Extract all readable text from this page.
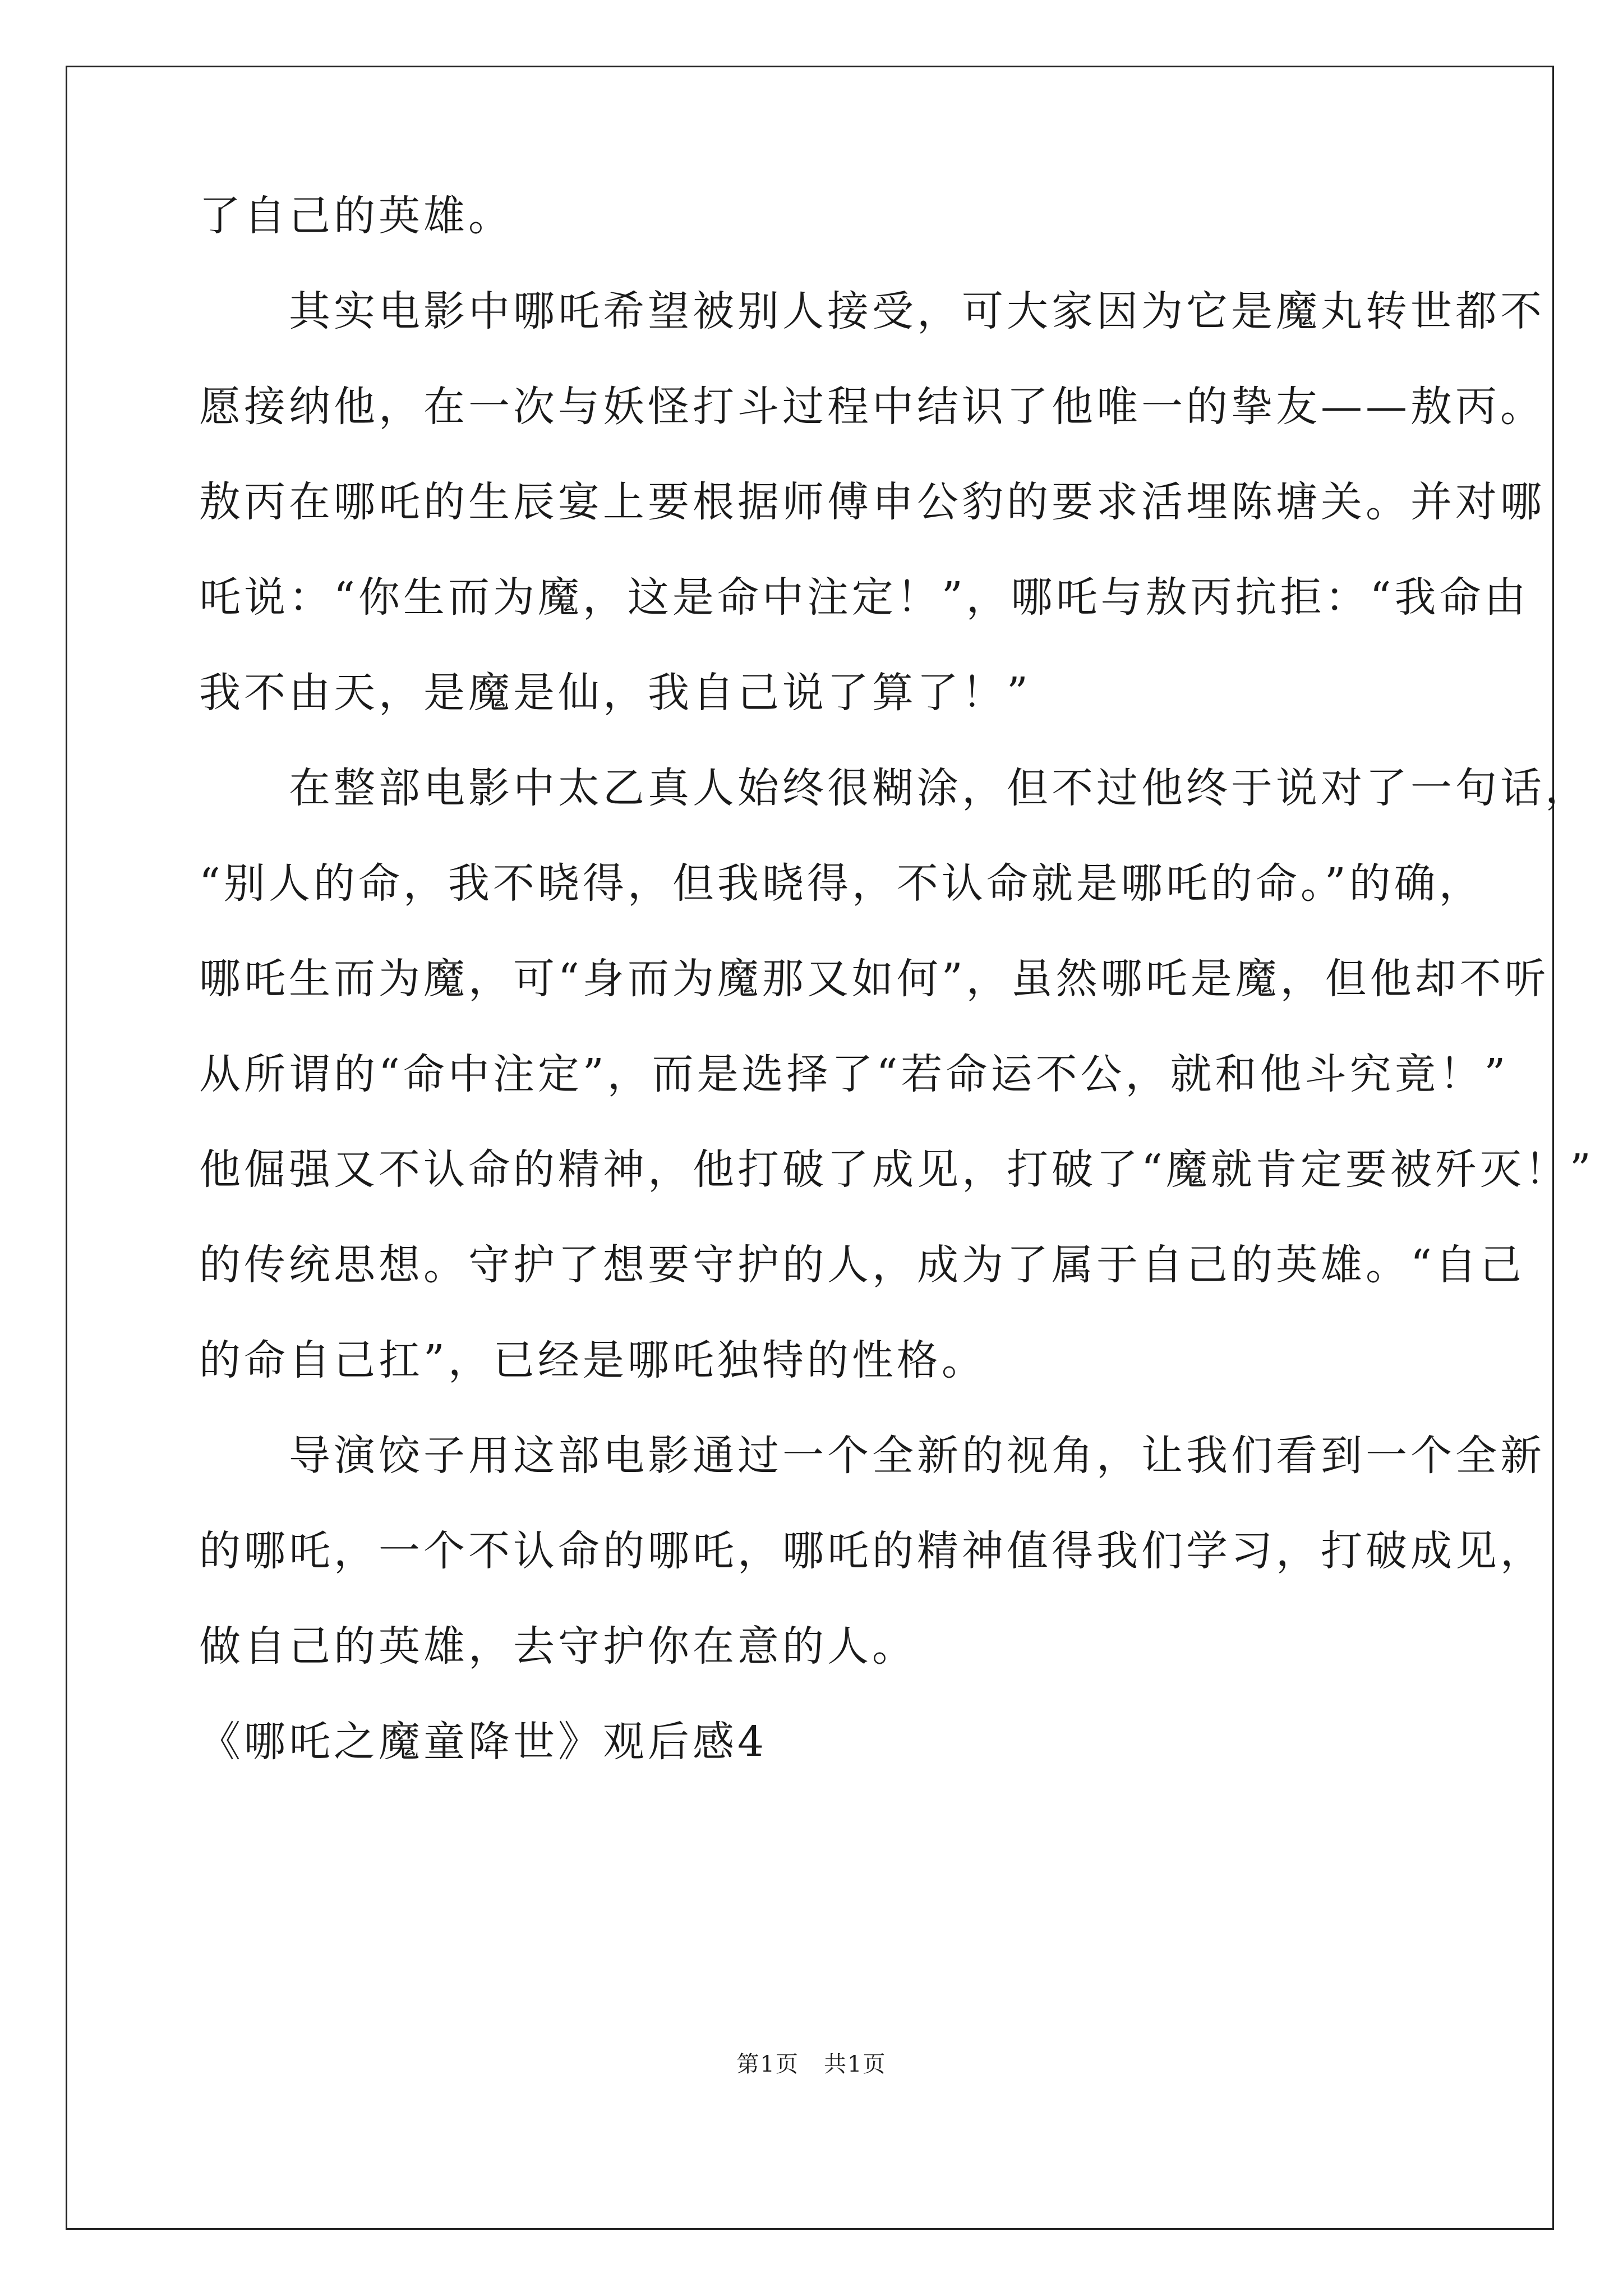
了自己的英雄。
　　其实电影中哪吒希望被别人接受，可大家因为它是魔丸转世都不
愿接纳他，在一次与妖怪打斗过程中结识了他唯一的挚友——敖丙。
敖丙在哪吒的生辰宴上要根据师傅申公豹的要求活埋陈塘关。并对哪
吒说：“你生而为魔，这是命中注定！”，哪吒与敖丙抗拒：“我命由
我不由天，是魔是仙，我自己说了算了！”
　　在整部电影中太乙真人始终很糊涂，但不过他终于说对了一句话，
“别人的命，我不晓得，但我晓得，不认命就是哪吒的命。”的确，
哪吒生而为魔，可“身而为魔那又如何”，虽然哪吒是魔，但他却不听
从所谓的“命中注定”，而是选择了“若命运不公，就和他斗究竟！”
他倔强又不认命的精神，他打破了成见，打破了“魔就肯定要被歼灭！”
的传统思想。守护了想要守护的人，成为了属于自己的英雄。“自己
的命自己扛”，已经是哪吒独特的性格。
　　导演饺子用这部电影通过一个全新的视角，让我们看到一个全新
的哪吒，一个不认命的哪吒，哪吒的精神值得我们学习，打破成见，
做自己的英雄，去守护你在意的人。
《哪吒之魔童降世》观后感4
第1页 共1页
